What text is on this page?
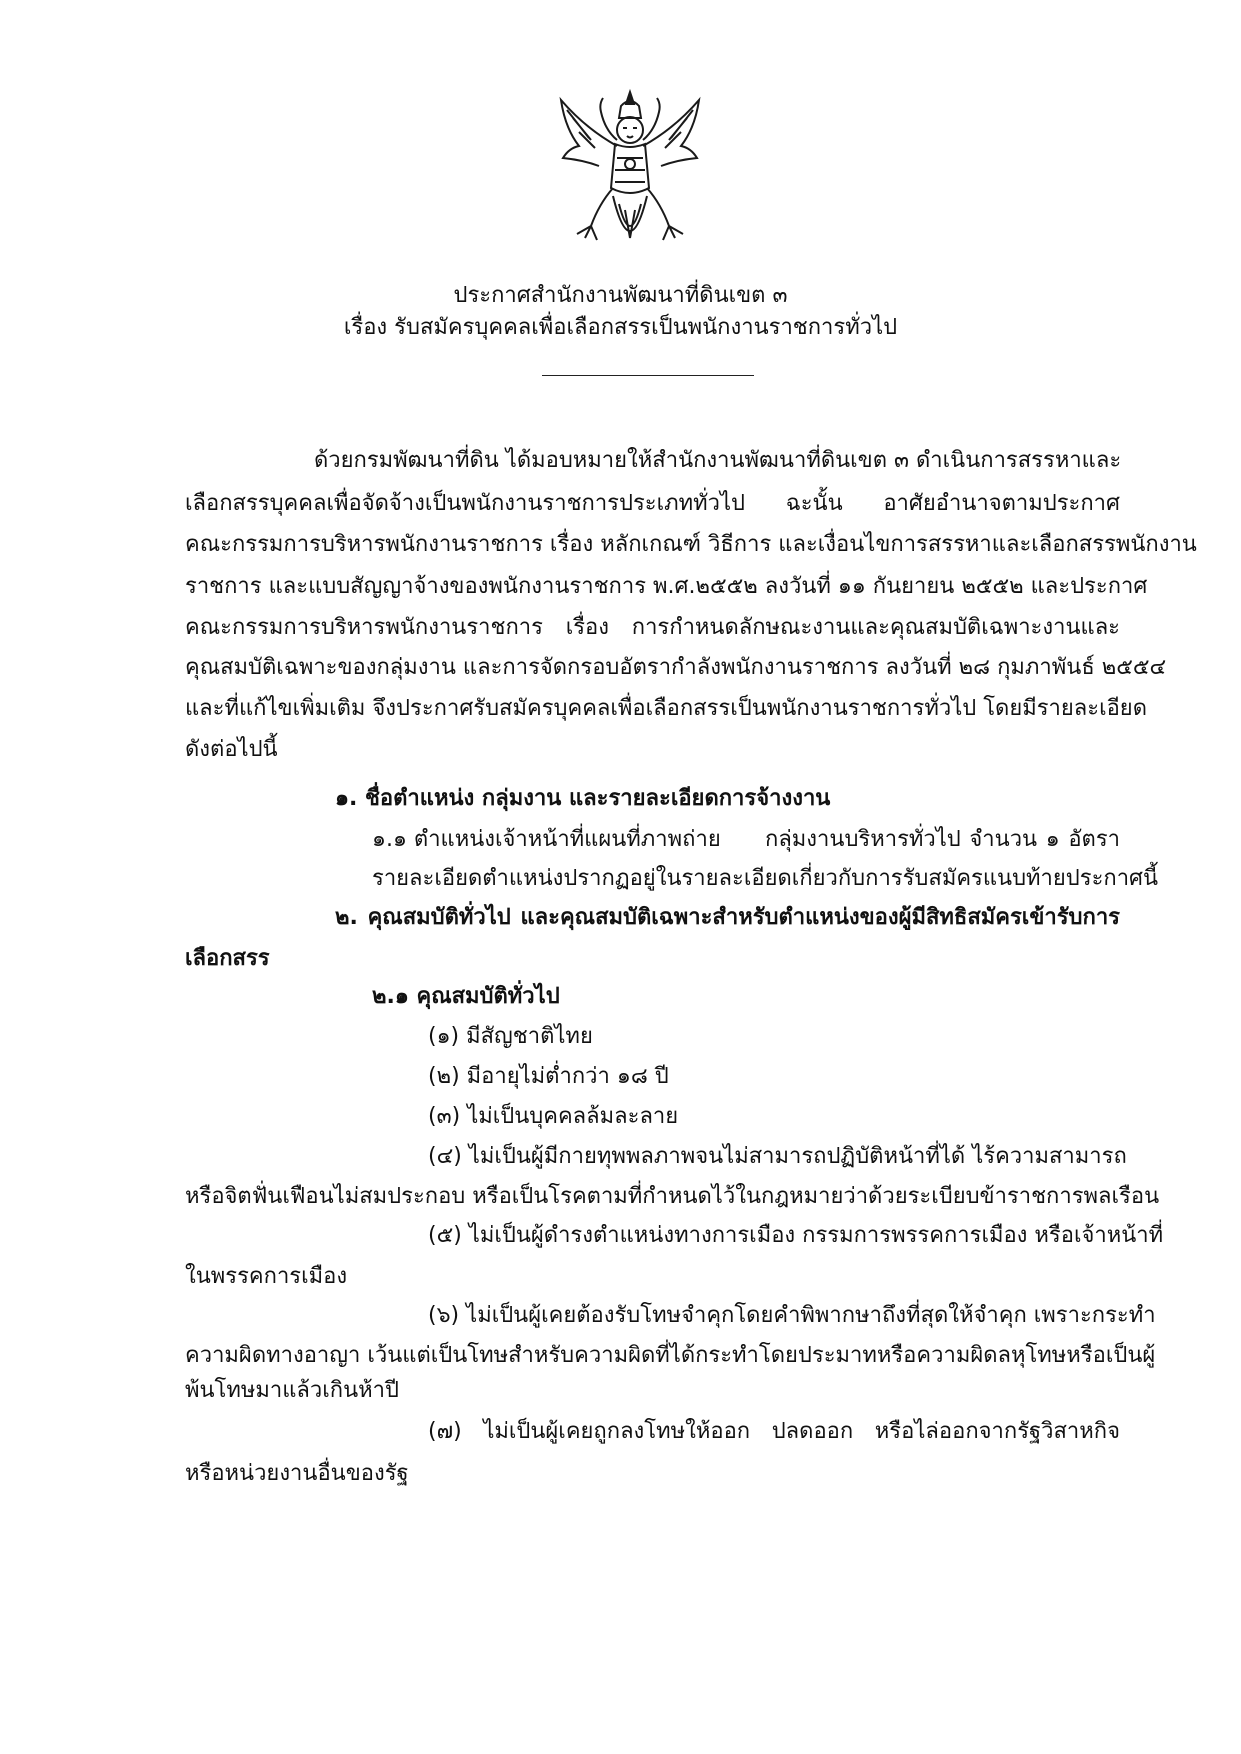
ประกาศสำนักงานพัฒนาที่ดินเขต ๓
เรื่อง รับสมัครบุคคลเพื่อเลือกสรรเป็นพนักงานราชการทั่วไป
ด้วยกรมพัฒนาที่ดิน ได้มอบหมายให้สำนักงานพัฒนาที่ดินเขต ๓ ดำเนินการสรรหาและ
เลือกสรรบุคคลเพื่อจัดจ้างเป็นพนักงานราชการประเภททั่วไป ฉะนั้น อาศัยอำนาจตามประกาศ
คณะกรรมการบริหารพนักงานราชการ เรื่อง หลักเกณฑ์ วิธีการ และเงื่อนไขการสรรหาและเลือกสรรพนักงาน
ราชการ และแบบสัญญาจ้างของพนักงานราชการ พ.ศ.๒๕๕๒ ลงวันที่ ๑๑ กันยายน ๒๕๕๒ และประกาศ
คณะกรรมการบริหารพนักงานราชการ เรื่อง การกำหนดลักษณะงานและคุณสมบัติเฉพาะงานและ
คุณสมบัติเฉพาะของกลุ่มงาน และการจัดกรอบอัตรากำลังพนักงานราชการ ลงวันที่ ๒๘ กุมภาพันธ์ ๒๕๕๔
และที่แก้ไขเพิ่มเติม จึงประกาศรับสมัครบุคคลเพื่อเลือกสรรเป็นพนักงานราชการทั่วไป โดยมีรายละเอียด
ดังต่อไปนี้
๑. ชื่อตำแหน่ง กลุ่มงาน และรายละเอียดการจ้างงาน
๑.๑ ตำแหน่งเจ้าหน้าที่แผนที่ภาพถ่าย กลุ่มงานบริหารทั่วไป จำนวน ๑ อัตรา
รายละเอียดตำแหน่งปรากฏอยู่ในรายละเอียดเกี่ยวกับการรับสมัครแนบท้ายประกาศนี้
๒. คุณสมบัติทั่วไป และคุณสมบัติเฉพาะสำหรับตำแหน่งของผู้มีสิทธิสมัครเข้ารับการ
เลือกสรร
๒.๑ คุณสมบัติทั่วไป
(๑) มีสัญชาติไทย
(๒) มีอายุไม่ต่ำกว่า ๑๘ ปี
(๓) ไม่เป็นบุคคลล้มละลาย
(๔) ไม่เป็นผู้มีกายทุพพลภาพจนไม่สามารถปฏิบัติหน้าที่ได้ ไร้ความสามารถ
หรือจิตฟั่นเฟือนไม่สมประกอบ หรือเป็นโรคตามที่กำหนดไว้ในกฎหมายว่าด้วยระเบียบข้าราชการพลเรือน
(๕) ไม่เป็นผู้ดำรงตำแหน่งทางการเมือง กรรมการพรรคการเมือง หรือเจ้าหน้าที่
ในพรรคการเมือง
(๖) ไม่เป็นผู้เคยต้องรับโทษจำคุกโดยคำพิพากษาถึงที่สุดให้จำคุก เพราะกระทำ
ความผิดทางอาญา เว้นแต่เป็นโทษสำหรับความผิดที่ได้กระทำโดยประมาทหรือความผิดลหุโทษหรือเป็นผู้
พ้นโทษมาแล้วเกินห้าปี
(๗) ไม่เป็นผู้เคยถูกลงโทษให้ออก ปลดออก หรือไล่ออกจากรัฐวิสาหกิจ
หรือหน่วยงานอื่นของรัฐ
